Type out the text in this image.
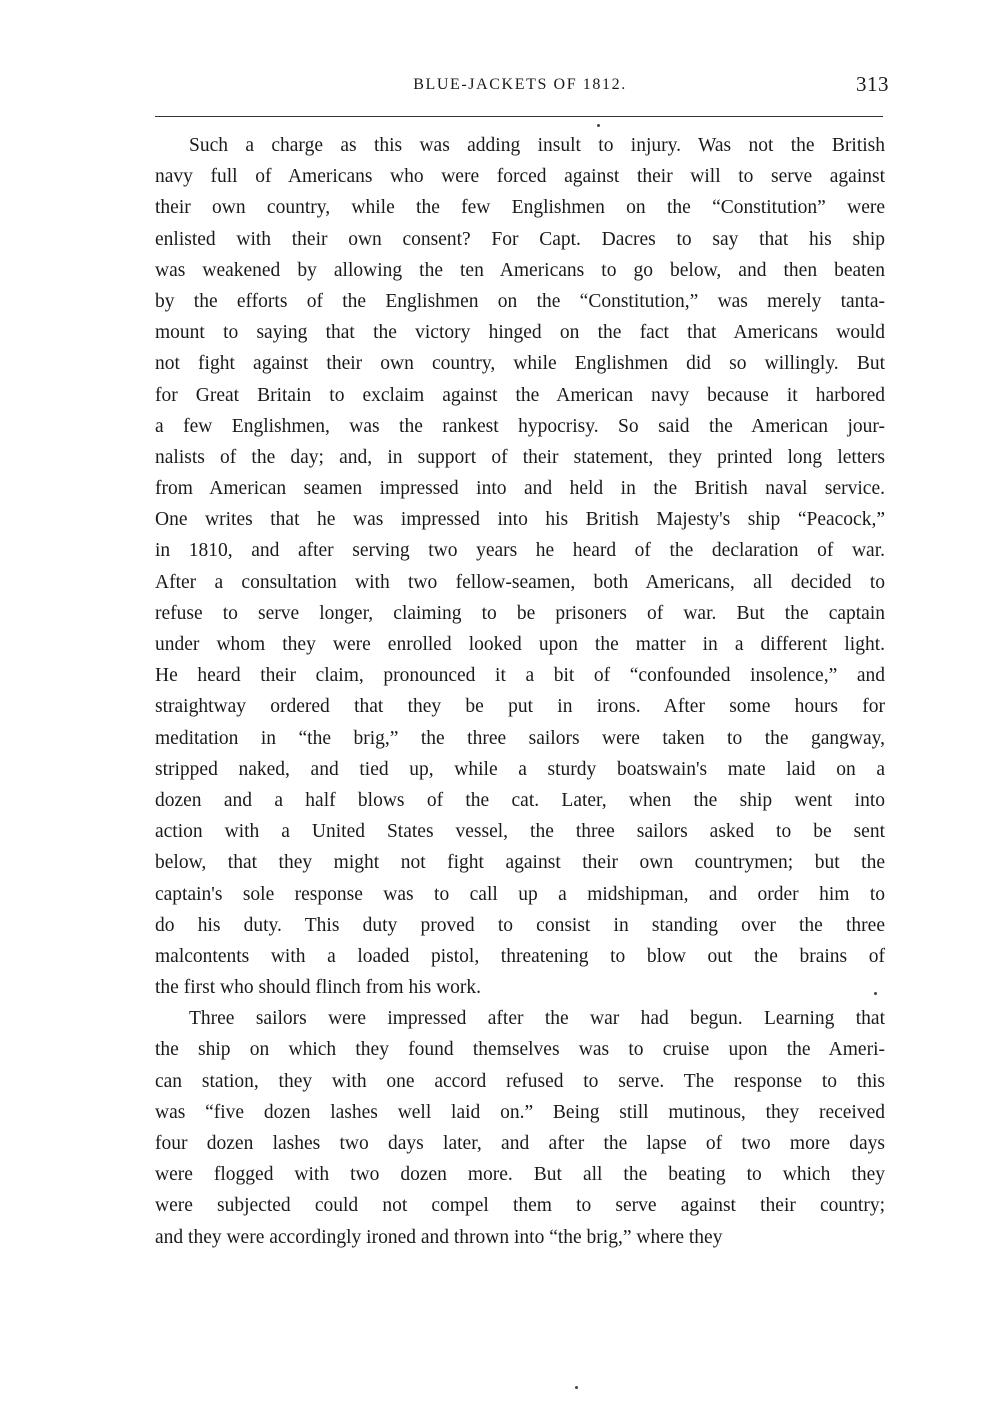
BLUE-JACKETS OF 1812.	313
Such a charge as this was adding insult to injury. Was not the British
navy full of Americans who were forced against their will to serve against
their own country, while the few Englishmen on the “Constitution” were
enlisted with their own consent? For Capt. Dacres to say that his ship
was weakened by allowing the ten Americans to go below, and then beaten
by the efforts of the Englishmen on the “Constitution,” was merely tanta-
mount to saying that the victory hinged on the fact that Americans would
not fight against their own country, while Englishmen did so willingly. But
for Great Britain to exclaim against the American navy because it harbored
a few Englishmen, was the rankest hypocrisy. So said the American jour-
nalists of the day; and, in support of their statement, they printed long letters
from American seamen impressed into and held in the British naval service.
One writes that he was impressed into his British Majesty's ship “Peacock,”
in 1810, and after serving two years he heard of the declaration of war.
After a consultation with two fellow-seamen, both Americans, all decided to
refuse to serve longer, claiming to be prisoners of war. But the captain
under whom they were enrolled looked upon the matter in a different light.
He heard their claim, pronounced it a bit of “confounded insolence,” and
straightway ordered that they be put in irons. After some hours for
meditation in “the brig,” the three sailors were taken to the gangway,
stripped naked, and tied up, while a sturdy boatswain's mate laid on a
dozen and a half blows of the cat. Later, when the ship went into
action with a United States vessel, the three sailors asked to be sent
below, that they might not fight against their own countrymen; but the
captain's sole response was to call up a midshipman, and order him to
do his duty. This duty proved to consist in standing over the three
malcontents with a loaded pistol, threatening to blow out the brains of
the first who should flinch from his work.
Three sailors were impressed after the war had begun. Learning that
the ship on which they found themselves was to cruise upon the Ameri-
can station, they with one accord refused to serve. The response to this
was “five dozen lashes well laid on.” Being still mutinous, they received
four dozen lashes two days later, and after the lapse of two more days
were flogged with two dozen more. But all the beating to which they
were subjected could not compel them to serve against their country;
and they were accordingly ironed and thrown into “the brig,” where they
